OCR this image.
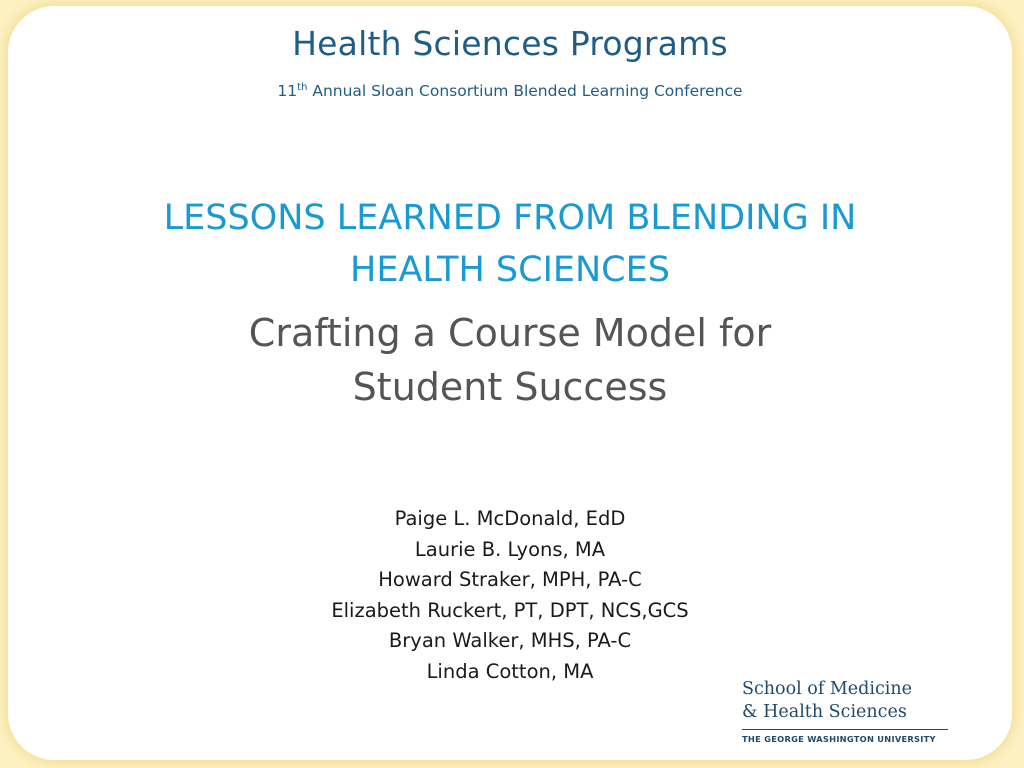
Health Sciences Programs
11th Annual Sloan Consortium Blended Learning Conference
LESSONS LEARNED FROM BLENDING IN
HEALTH SCIENCES
Crafting a Course Model for
Student Success
Paige L. McDonald, EdD
Laurie B. Lyons, MA
Howard Straker, MPH, PA-C
Elizabeth Ruckert, PT, DPT, NCS,GCS
Bryan Walker, MHS, PA-C
Linda Cotton, MA
School of Medicine
& Health Sciences
THE GEORGE WASHINGTON UNIVERSITY
